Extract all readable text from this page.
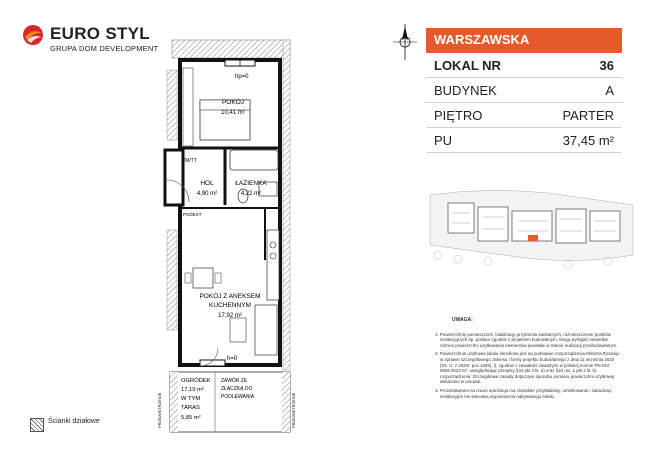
EURO STYL
GRUPA DOM DEVELOPMENT
hp=0
POKÓJ
10,41 m²
TM/TT
HOL
4,90 m²
ŁAZIENKA
4,22 m²
PODEST
POKÓJ Z ANEKSEM
KUCHENNYM
17,92 m²
h=0
OGRÓDEK
17,19 m²
W TYM
TARAS
5,85 m²
ZAWÓR ZE
ZŁĄCZKĄ DO
PODLEWANIA
PRZEWIETRZENIE	PRZEWIETRZENIE
Ścianki działowe
WARSZAWSKA
LOKAL NR	36
BUDYNEK	A
PIĘTRO	PARTER
PU	37,45 m²
UWAGA:
1. Powierzchnię pomieszczeń, lokalizację przyborów sanitarnych, rozmieszczenie punktów instalacyjnych itp. podano zgodnie z projektem budowlanym. Mogą wystąpić niewielkie różnice powierzchni użytkowania elementów powstałe w trakcie realizacji przebudowlanym.
2. Powierzchnia użytkowa lokalu określona jest na podstawie rozporządzenia Ministra Rozwoju w sprawie szczegółowego zakresu i formy projektu budowlanego z dnia 11 września 2020 (Dz. U. z 2020r. poz.1609), §, zgodnie z zasadami zawartymi w polskiej normie PN-ISO 9836:2022-07, uwzględniając przepisy §34 pkt 4 lit. a) oraz §20 ust. 1 pkt 4 lit. b) rozporządzenia. Szczegółowe zasady dotyczące sposobu pomiaru powierzchni użytkowej wskazano w umowie.
3. Przedstawiona na rzucie aranżacja ma charakter przykładowy, umeblowanie i zabudowy instalacyjne nie stanowią wyposażenia nabywanego lokalu.
